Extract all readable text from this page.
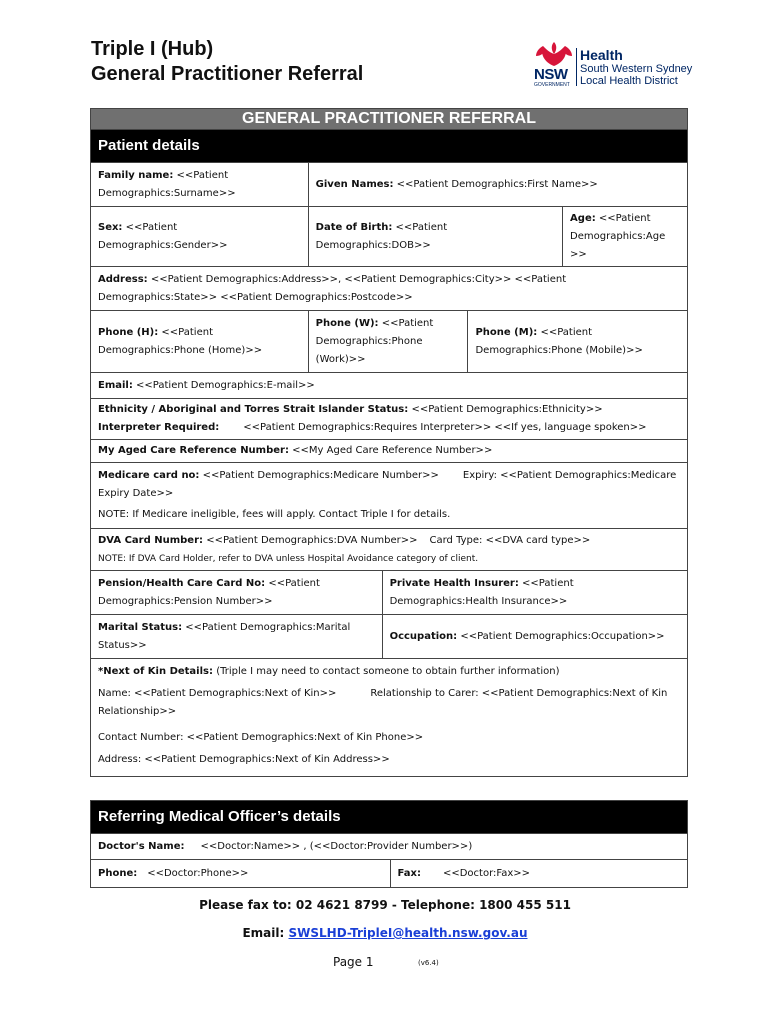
Triple I (Hub)
General Practitioner Referral	NSW
GOVERNMENT
Health
South Western Sydney
Local Health District
GENERAL PRACTITIONER REFERRAL				
Patient details				
Family name: <<Patient Demographics:Surname>>	Given Names: <<Patient Demographics:First Name>>			
Sex: <<Patient Demographics:Gender>>	Date of Birth: <<Patient Demographics:DOB>>			Age: <<Patient Demographics:Age >>
Address: <<Patient Demographics:Address>>, <<Patient Demographics:City>> <<Patient Demographics:State>> <<Patient Demographics:Postcode>>				
Phone (H): <<Patient Demographics:Phone (Home)>>	Phone (W): <<Patient Demographics:Phone (Work)>>		Phone (M): <<Patient Demographics:Phone (Mobile)>>	
Email: <<Patient Demographics:E-mail>>				

Ethnicity / Aboriginal and Torres Strait Islander Status: <<Patient Demographics:Ethnicity>>
Interpreter Required: <<Patient Demographics:Requires Interpreter>> <<If yes, language spoken>>				

My Aged Care Reference Number: <<My Aged Care Reference Number>>				

Medicare card no: <<Patient Demographics:Medicare Number>> Expiry: <<Patient Demographics:Medicare Expiry Date>>
NOTE: If Medicare ineligible, fees will apply. Contact Triple I for details.				

DVA Card Number: <<Patient Demographics:DVA Number>> Card Type: <<DVA card type>>
NOTE: If DVA Card Holder, refer to DVA unless Hospital Avoidance category of client.				

Pension/Health Care Card No: <<Patient Demographics:Pension Number>>		Private Health Insurer: <<Patient Demographics:Health Insurance>>		
Marital Status: <<Patient Demographics:Marital Status>>		Occupation: <<Patient Demographics:Occupation>>		

*Next of Kin Details: (Triple I may need to contact someone to obtain further information)
Name: <<Patient Demographics:Next of Kin>> Relationship to Carer: <<Patient Demographics:Next of Kin Relationship>>
Contact Number: <<Patient Demographics:Next of Kin Phone>>
Address: <<Patient Demographics:Next of Kin Address>>				
Referring Medical Officer’s details
Doctor's Name: <<Doctor:Name>> , (<<Doctor:Provider Number>>)
Phone: <<Doctor:Phone>>	Fax: <<Doctor:Fax>>
Please fax to: 02 4621 8799 - Telephone: 1800 455 511
Email: SWSLHD-TripleI@health.nsw.gov.au
Page 1	(v6.4)
